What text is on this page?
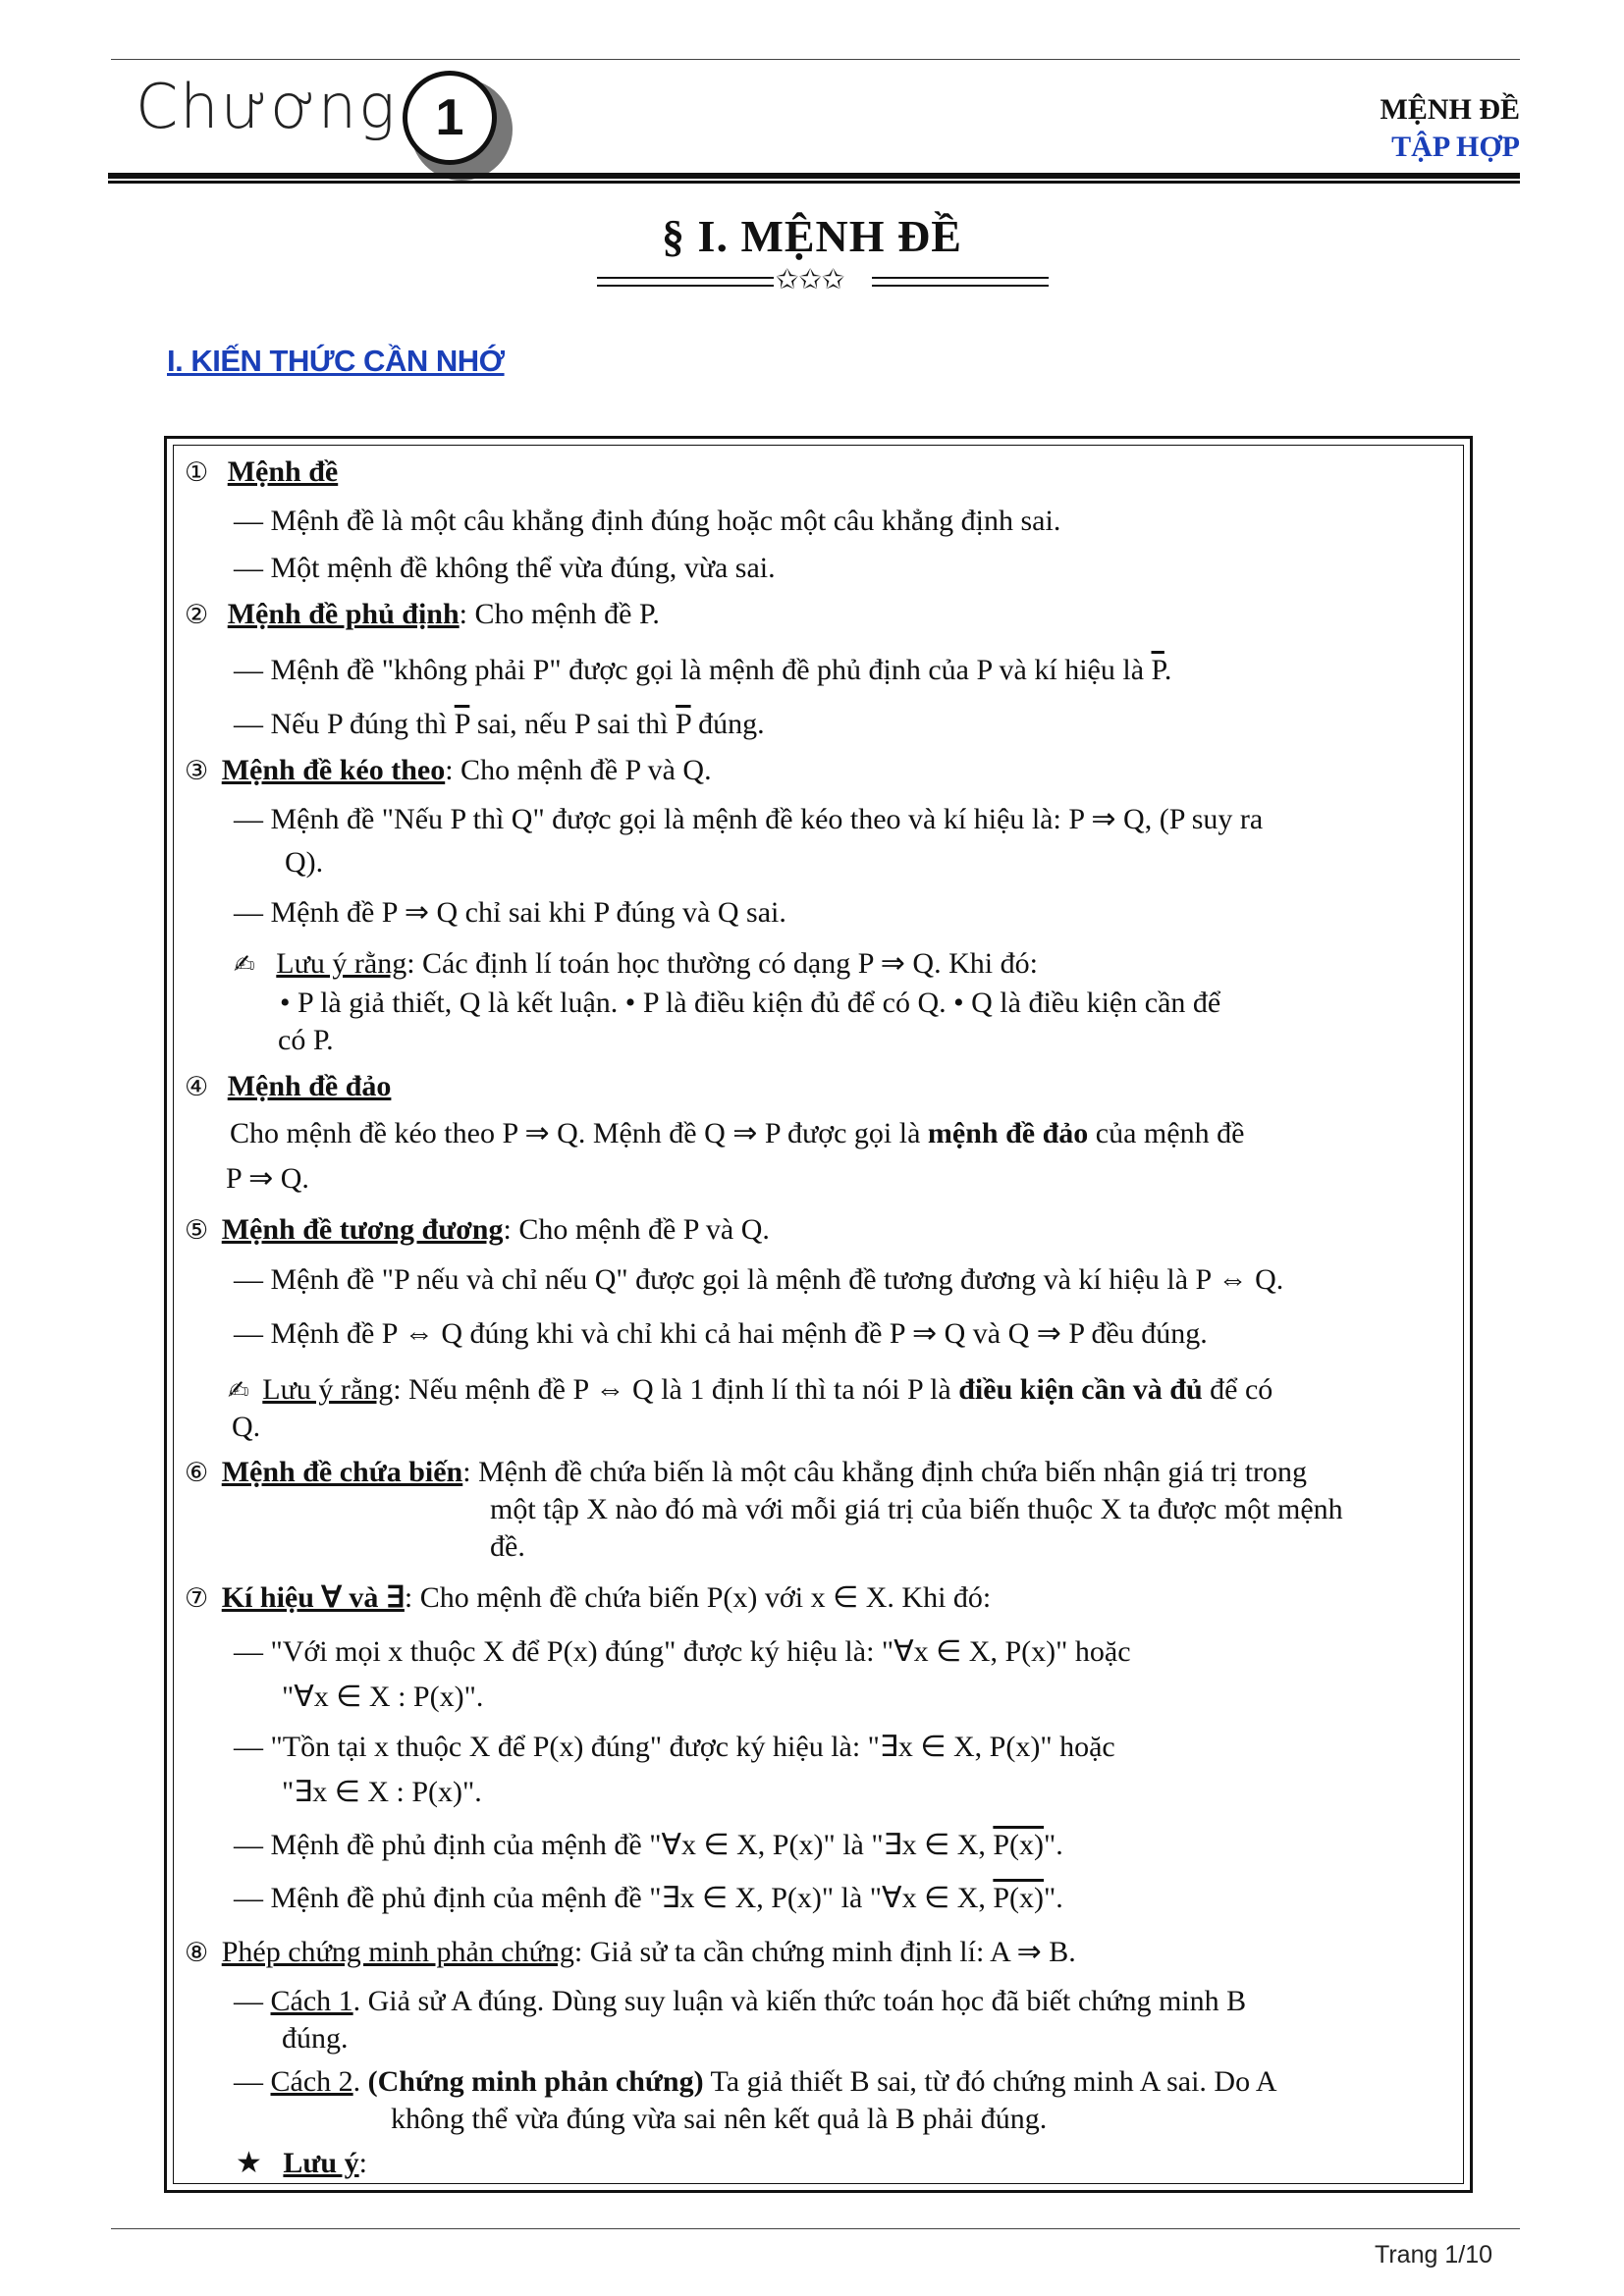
Chương 1	MỆNH ĐỀ
TẬP HỢP
§ I. MỆNH ĐỀ
✩✩✩
I. KIẾN THỨC CẦN NHỚ
① Mệnh đề
— Mệnh đề là một câu khẳng định đúng hoặc một câu khẳng định sai.
— Một mệnh đề không thể vừa đúng, vừa sai.
② Mệnh đề phủ định: Cho mệnh đề P.
— Mệnh đề "không phải P" được gọi là mệnh đề phủ định của P và kí hiệu là $\overline{P}$.
— Nếu P đúng thì $\overline{P}$ sai, nếu P sai thì $\overline{P}$ đúng.
③ Mệnh đề kéo theo: Cho mệnh đề P và Q.
— Mệnh đề "Nếu P thì Q" được gọi là mệnh đề kéo theo và kí hiệu là: P ⇒ Q, (P suy ra
Q).
— Mệnh đề P ⇒ Q chỉ sai khi P đúng và Q sai.
✍ Lưu ý rằng: Các định lí toán học thường có dạng P ⇒ Q. Khi đó:
• P là giả thiết, Q là kết luận. • P là điều kiện đủ để có Q. • Q là điều kiện cần để
có P.
④ Mệnh đề đảo
Cho mệnh đề kéo theo P ⇒ Q. Mệnh đề Q ⇒ P được gọi là mệnh đề đảo của mệnh đề
P ⇒ Q.
⑤ Mệnh đề tương đương: Cho mệnh đề P và Q.
— Mệnh đề "P nếu và chỉ nếu Q" được gọi là mệnh đề tương đương và kí hiệu là P ⇔ Q.
— Mệnh đề P ⇔ Q đúng khi và chỉ khi cả hai mệnh đề P ⇒ Q và Q ⇒ P đều đúng.
✍ Lưu ý rằng: Nếu mệnh đề P ⇔ Q là 1 định lí thì ta nói P là điều kiện cần và đủ để có
Q.
⑥ Mệnh đề chứa biến: Mệnh đề chứa biến là một câu khẳng định chứa biến nhận giá trị trong
một tập X nào đó mà với mỗi giá trị của biến thuộc X ta được một mệnh
đề.
⑦ Kí hiệu ∀ và ∃: Cho mệnh đề chứa biến P(x) với x ∈ X. Khi đó:
— "Với mọi x thuộc X để P(x) đúng" được ký hiệu là: "∀x ∈ X, P(x)" hoặc
"∀x ∈ X : P(x)".
— "Tồn tại x thuộc X để P(x) đúng" được ký hiệu là: "∃x ∈ X, P(x)" hoặc
"∃x ∈ X : P(x)".
— Mệnh đề phủ định của mệnh đề "∀x ∈ X, P(x)" là "∃x ∈ X, P(x)".
— Mệnh đề phủ định của mệnh đề "∃x ∈ X, P(x)" là "∀x ∈ X, P(x)".
⑧ Phép chứng minh phản chứng: Giả sử ta cần chứng minh định lí: A ⇒ B.
— Cách 1. Giả sử A đúng. Dùng suy luận và kiến thức toán học đã biết chứng minh B
đúng.
— Cách 2. (Chứng minh phản chứng) Ta giả thiết B sai, từ đó chứng minh A sai. Do A
không thể vừa đúng vừa sai nên kết quả là B phải đúng.
★ Lưu ý:
Trang 1/10
